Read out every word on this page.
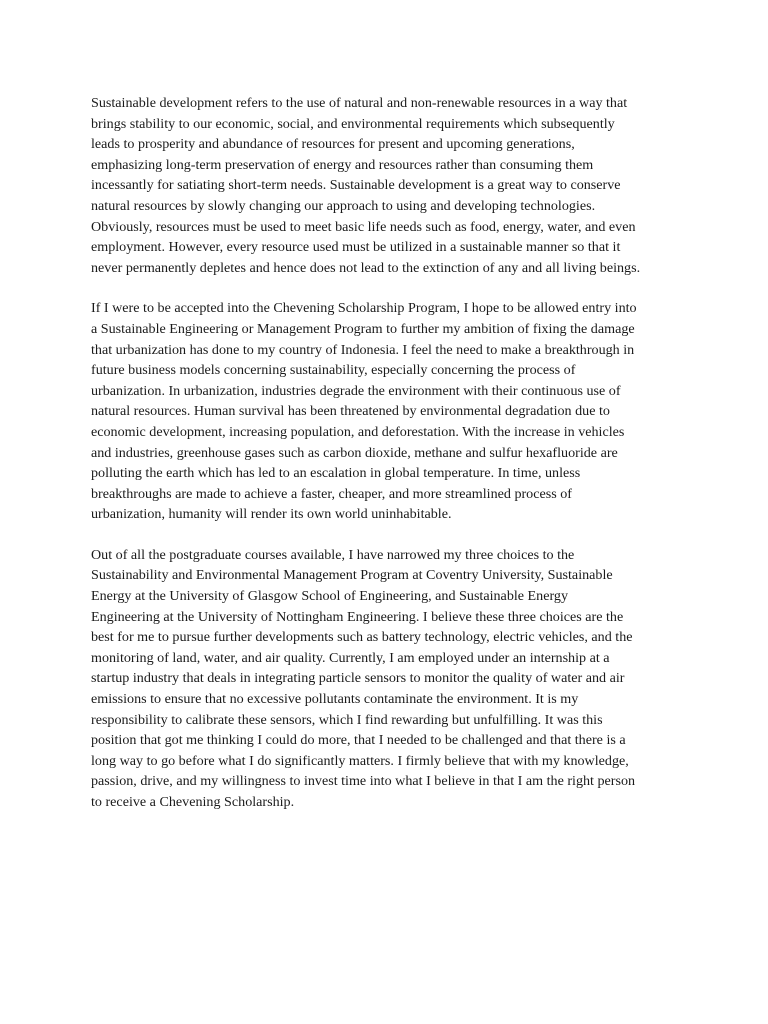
Sustainable development refers to the use of natural and non-renewable resources in a way that
brings stability to our economic, social, and environmental requirements which subsequently
leads to prosperity and abundance of resources for present and upcoming generations,
emphasizing long-term preservation of energy and resources rather than consuming them
incessantly for satiating short-term needs. Sustainable development is a great way to conserve
natural resources by slowly changing our approach to using and developing technologies.
Obviously, resources must be used to meet basic life needs such as food, energy, water, and even
employment. However, every resource used must be utilized in a sustainable manner so that it
never permanently depletes and hence does not lead to the extinction of any and all living beings.

If I were to be accepted into the Chevening Scholarship Program, I hope to be allowed entry into
a Sustainable Engineering or Management Program to further my ambition of fixing the damage
that urbanization has done to my country of Indonesia. I feel the need to make a breakthrough in
future business models concerning sustainability, especially concerning the process of
urbanization. In urbanization, industries degrade the environment with their continuous use of
natural resources. Human survival has been threatened by environmental degradation due to
economic development, increasing population, and deforestation. With the increase in vehicles
and industries, greenhouse gases such as carbon dioxide, methane and sulfur hexafluoride are
polluting the earth which has led to an escalation in global temperature. In time, unless
breakthroughs are made to achieve a faster, cheaper, and more streamlined process of
urbanization, humanity will render its own world uninhabitable.

Out of all the postgraduate courses available, I have narrowed my three choices to the
Sustainability and Environmental Management Program at Coventry University, Sustainable
Energy at the University of Glasgow School of Engineering, and Sustainable Energy
Engineering at the University of Nottingham Engineering. I believe these three choices are the
best for me to pursue further developments such as battery technology, electric vehicles, and the
monitoring of land, water, and air quality. Currently, I am employed under an internship at a
startup industry that deals in integrating particle sensors to monitor the quality of water and air
emissions to ensure that no excessive pollutants contaminate the environment. It is my
responsibility to calibrate these sensors, which I find rewarding but unfulfilling. It was this
position that got me thinking I could do more, that I needed to be challenged and that there is a
long way to go before what I do significantly matters. I firmly believe that with my knowledge,
passion, drive, and my willingness to invest time into what I believe in that I am the right person
to receive a Chevening Scholarship.
